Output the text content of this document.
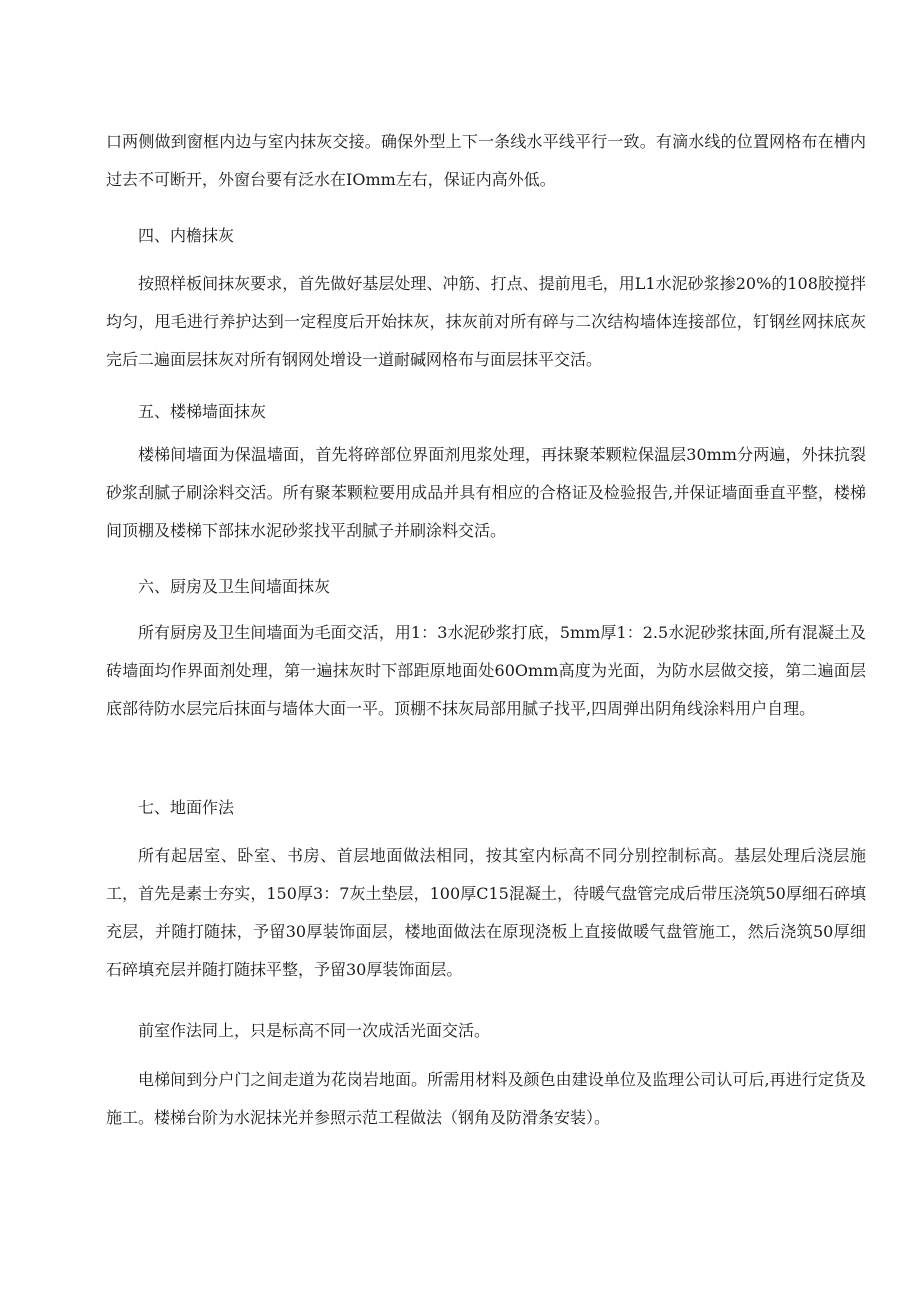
口两侧做到窗框内边与室内抹灰交接。确保外型上下一条线水平线平行一致。有滴水线的位置网格布在槽内过去不可断开，外窗台要有泛水在IOmm左右，保证内高外低。

四、内檐抹灰

按照样板间抹灰要求，首先做好基层处理、冲筋、打点、提前甩毛，用L1水泥砂浆掺20%的108胶搅拌均匀，甩毛进行养护达到一定程度后开始抹灰，抹灰前对所有碎与二次结构墙体连接部位，钉钢丝网抹底灰完后二遍面层抹灰对所有钢网处增设一道耐碱网格布与面层抹平交活。

五、楼梯墙面抹灰

楼梯间墙面为保温墙面，首先将碎部位界面剂甩浆处理，再抹聚苯颗粒保温层30mm分两遍，外抹抗裂砂浆刮腻子刷涂料交活。所有聚苯颗粒要用成品并具有相应的合格证及检验报告,并保证墙面垂直平整，楼梯间顶棚及楼梯下部抹水泥砂浆找平刮腻子并刷涂料交活。

六、厨房及卫生间墙面抹灰

所有厨房及卫生间墙面为毛面交活，用1：3水泥砂浆打底，5mm厚1：2.5水泥砂浆抹面,所有混凝土及砖墙面均作界面剂处理，第一遍抹灰时下部距原地面处60Omm高度为光面，为防水层做交接，第二遍面层底部待防水层完后抹面与墙体大面一平。顶棚不抹灰局部用腻子找平,四周弹出阴角线涂料用户自理。

七、地面作法

所有起居室、卧室、书房、首层地面做法相同，按其室内标高不同分别控制标高。基层处理后浇层施工，首先是素士夯实，150厚3：7灰土垫层，100厚C15混凝土，待暖气盘管完成后带压浇筑50厚细石碎填充层，并随打随抹，予留30厚装饰面层，楼地面做法在原现浇板上直接做暖气盘管施工，然后浇筑50厚细石碎填充层并随打随抹平整，予留30厚装饰面层。

前室作法同上，只是标高不同一次成活光面交活。

电梯间到分户门之间走道为花岗岩地面。所需用材料及颜色由建设单位及监理公司认可后,再进行定货及施工。楼梯台阶为水泥抹光并参照示范工程做法（钢角及防滑条安装）。
